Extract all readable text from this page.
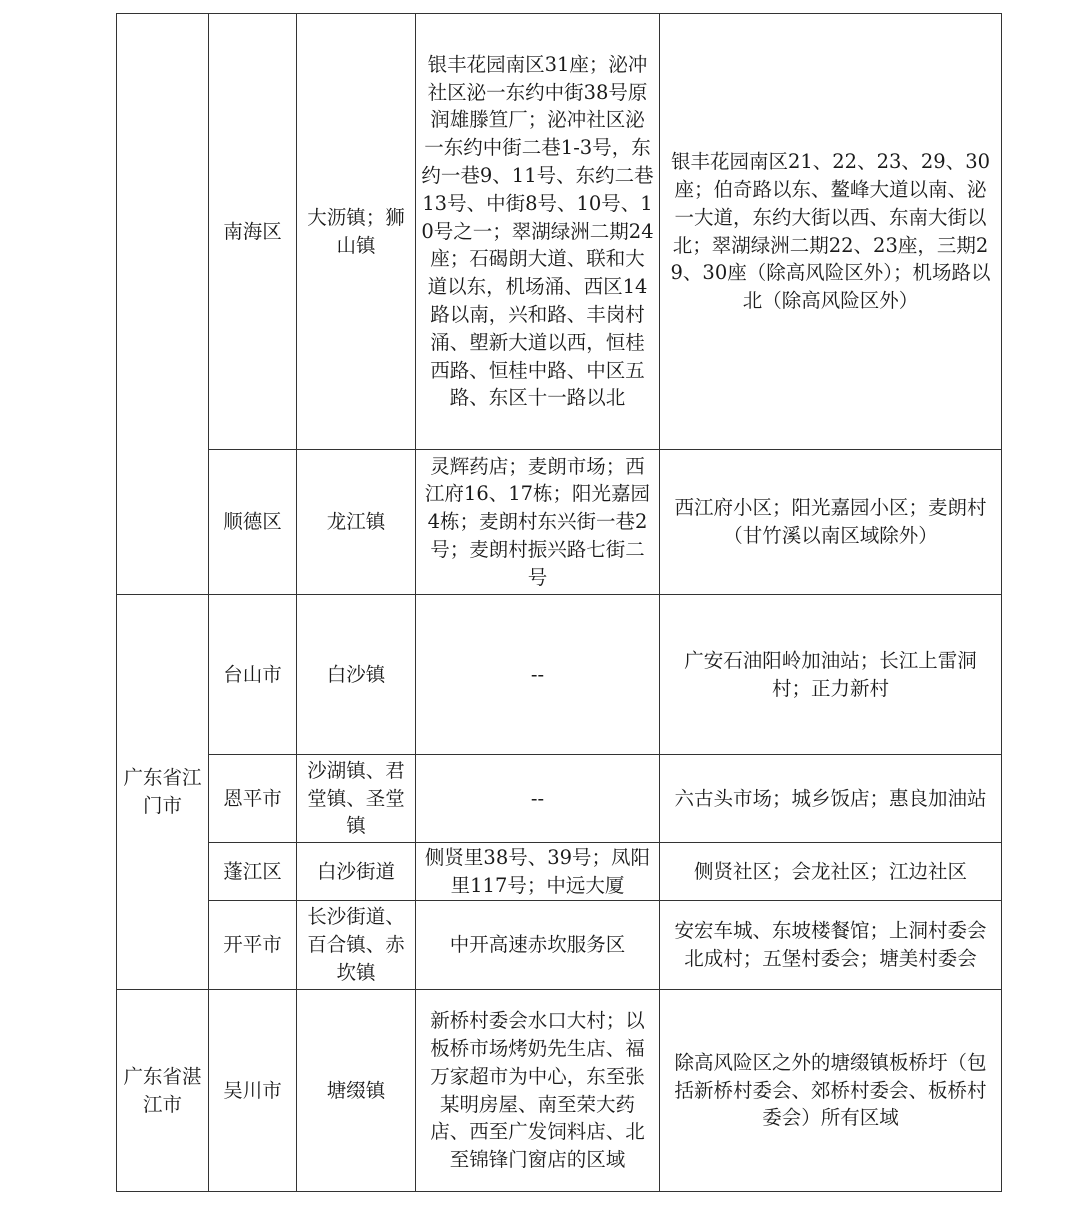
	南海区	大沥镇；狮山镇	银丰花园南区31座；泌冲社区泌一东约中街38号原润雄滕笪厂；泌冲社区泌一东约中街二巷1-3号，东约一巷9、11号、东约二巷13号、中街8号、10号、10号之一；翠湖绿洲二期24座；石碣朗大道、联和大道以东，机场涌、西区14路以南，兴和路、丰岗村涌、塱新大道以西，恒桂西路、恒桂中路、中区五路、东区十一路以北	银丰花园南区21、22、23、29、30座；伯奇路以东、鳌峰大道以南、泌一大道，东约大街以西、东南大街以北；翠湖绿洲二期22、23座，三期29、30座（除高风险区外）；机场路以北（除高风险区外）
	顺德区	龙江镇	灵辉药店；麦朗市场；西江府16、17栋；阳光嘉园4栋；麦朗村东兴街一巷2号；麦朗村振兴路七街二号	西江府小区；阳光嘉园小区；麦朗村（甘竹溪以南区域除外）
广东省江门市	台山市	白沙镇	--	广安石油阳岭加油站；长江上雷洞村；正力新村
	恩平市	沙湖镇、君堂镇、圣堂镇	--	六古头市场；城乡饭店；惠良加油站
	蓬江区	白沙街道	侧贤里38号、39号；凤阳里117号；中远大厦	侧贤社区；会龙社区；江边社区
	开平市	长沙街道、百合镇、赤坎镇	中开高速赤坎服务区	安宏车城、东坡楼餐馆；上洞村委会北成村；五堡村委会；塘美村委会
广东省湛江市	吴川市	塘缀镇	新桥村委会水口大村；以板桥市场烤奶先生店、福万家超市为中心，东至张某明房屋、南至荣大药店、西至广发饲料店、北至锦锋门窗店的区域	除高风险区之外的塘缀镇板桥圩（包括新桥村委会、郊桥村委会、板桥村委会）所有区域
